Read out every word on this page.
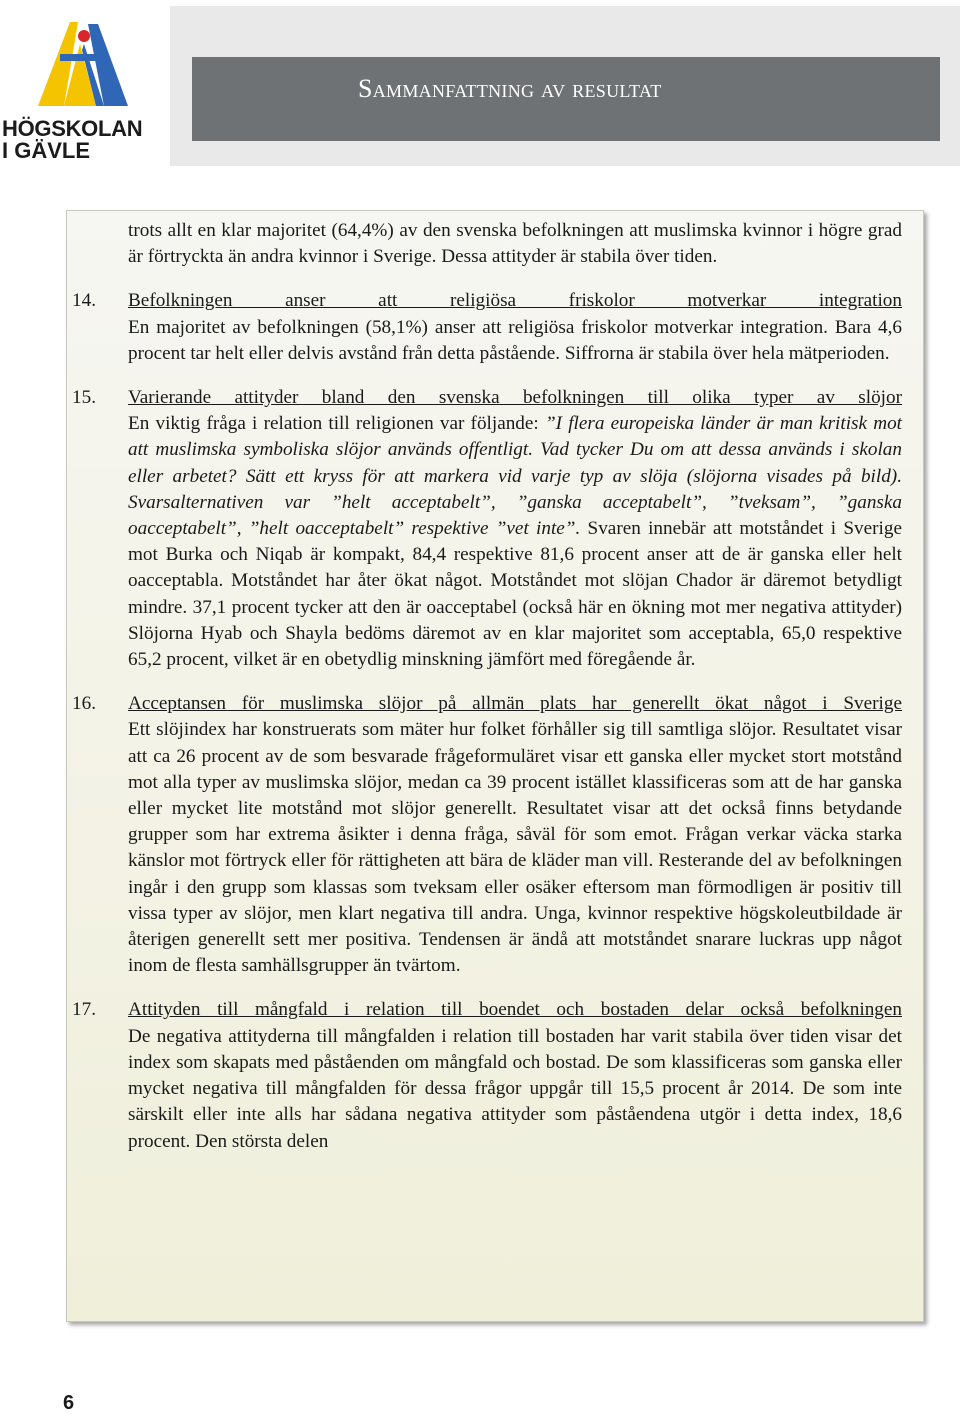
HÖGSKOLAN
I GÄVLE
Sammanfattning av resultat

trots allt en klar majoritet (64,4%) av den svenska befolkningen att muslimska kvinnor i högre grad är förtryckta än andra kvinnor i Sverige. Dessa attityder är stabila över tiden.

14. Befolkningen anser att religiösa friskolor motverkar integration

En majoritet av befolkningen (58,1%) anser att religiösa friskolor motverkar integration. Bara 4,6 procent tar helt eller delvis avstånd från detta påstående. Siffrorna är stabila över hela mätperioden.

15. Varierande attityder bland den svenska befolkningen till olika typer av slöjor

En viktig fråga i relation till religionen var följande: ”I flera europeiska länder är man kritisk mot att muslimska symboliska slöjor används offentligt. Vad tycker Du om att dessa används i skolan eller arbetet? Sätt ett kryss för att markera vid varje typ av slöja (slöjorna visades på bild). Svarsalternativen var ”helt acceptabelt”, ”ganska acceptabelt”, ”tveksam”, ”ganska oacceptabelt”, ”helt oacceptabelt” respektive ”vet inte”. Svaren innebär att motståndet i Sverige mot Burka och Niqab är kompakt, 84,4 respektive 81,6 procent anser att de är ganska eller helt oacceptabla. Motståndet har åter ökat något. Motståndet mot slöjan Chador är däremot betydligt mindre. 37,1 procent tycker att den är oacceptabel (också här en ökning mot mer negativa attityder) Slöjorna Hyab och Shayla bedöms däremot av en klar majoritet som acceptabla, 65,0 respektive 65,2 procent, vilket är en obetydlig minskning jämfört med föregående år.

16. Acceptansen för muslimska slöjor på allmän plats har generellt ökat något i Sverige

Ett slöjindex har konstruerats som mäter hur folket förhåller sig till samtliga slöjor. Resultatet visar att ca 26 procent av de som besvarade frågeformuläret visar ett ganska eller mycket stort motstånd mot alla typer av muslimska slöjor, medan ca 39 procent istället klassificeras som att de har ganska eller mycket lite motstånd mot slöjor generellt. Resultatet visar att det också finns betydande grupper som har extrema åsikter i denna fråga, såväl för som emot. Frågan verkar väcka starka känslor mot förtryck eller för rättigheten att bära de kläder man vill. Resterande del av befolkningen ingår i den grupp som klassas som tveksam eller osäker eftersom man förmodligen är positiv till vissa typer av slöjor, men klart negativa till andra. Unga, kvinnor respektive högskoleutbildade är återigen generellt sett mer positiva. Tendensen är ändå att motståndet snarare luckras upp något inom de flesta samhällsgrupper än tvärtom.

17. Attityden till mångfald i relation till boendet och bostaden delar också befolkningen

De negativa attityderna till mångfalden i relation till bostaden har varit stabila över tiden visar det index som skapats med påståenden om mångfald och bostad. De som klassificeras som ganska eller mycket negativa till mångfalden för dessa frågor uppgår till 15,5 procent år 2014. De som inte särskilt eller inte alls har sådana negativa attityder som påståendena utgör i detta index, 18,6 procent. Den största delen

6
